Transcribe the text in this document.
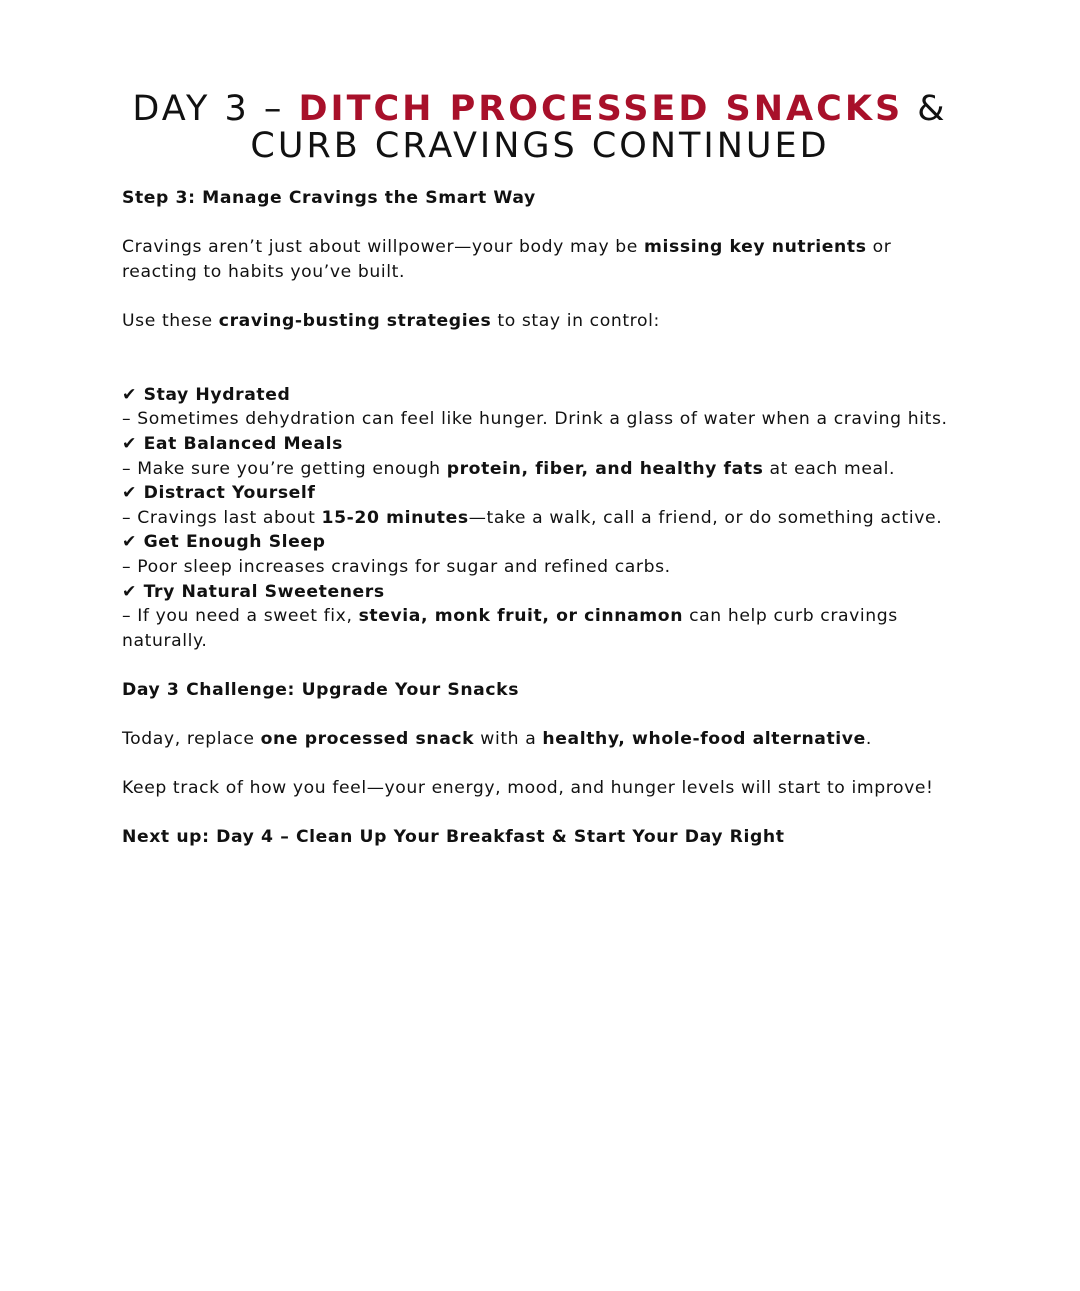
DAY 3 – DITCH PROCESSED SNACKS &
CURB CRAVINGS CONTINUED

Step 3: Manage Cravings the Smart Way

Cravings aren’t just about willpower—your body may be missing key nutrients or reacting to habits you’ve built.

Use these craving-busting strategies to stay in control:

✔ Stay Hydrated

– Sometimes dehydration can feel like hunger. Drink a glass of water when a craving hits.

✔ Eat Balanced Meals

– Make sure you’re getting enough protein, fiber, and healthy fats at each meal.

✔ Distract Yourself

– Cravings last about 15-20 minutes—take a walk, call a friend, or do something active.

✔ Get Enough Sleep

– Poor sleep increases cravings for sugar and refined carbs.

✔ Try Natural Sweeteners

– If you need a sweet fix, stevia, monk fruit, or cinnamon can help curb cravings naturally.

Day 3 Challenge: Upgrade Your Snacks

Today, replace one processed snack with a healthy, whole-food alternative.

Keep track of how you feel—your energy, mood, and hunger levels will start to improve!

Next up: Day 4 – Clean Up Your Breakfast & Start Your Day Right
